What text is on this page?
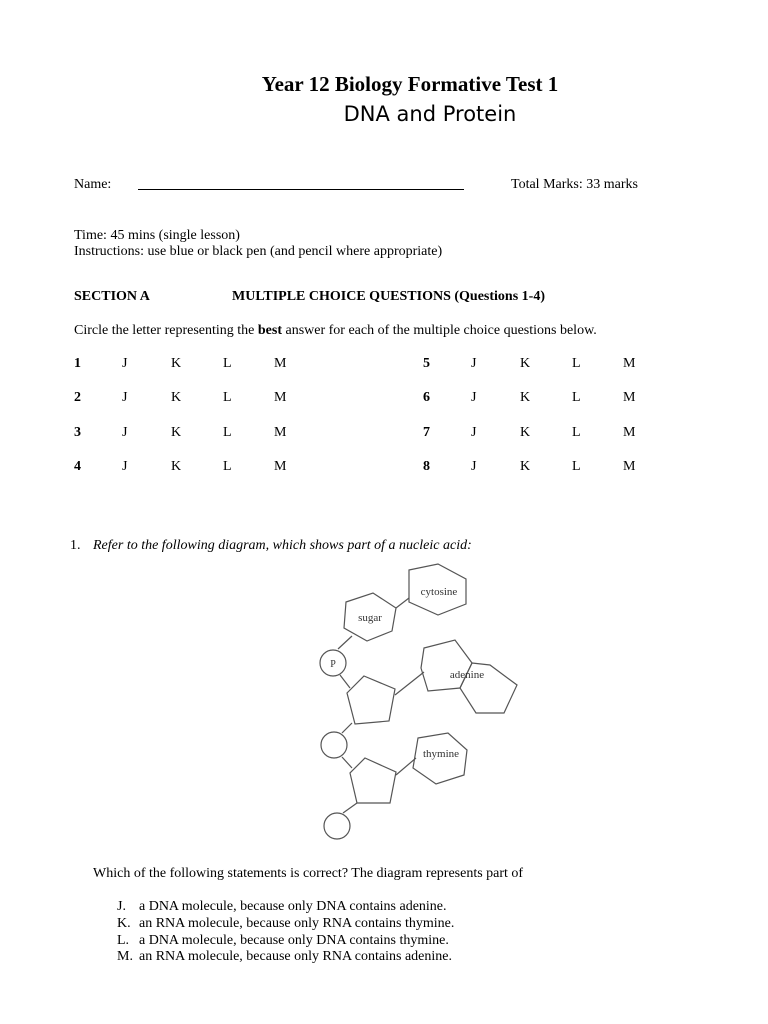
Year 12 Biology Formative Test 1
DNA and Protein
Name:	Total Marks: 33 marks
Time: 45 mins (single lesson)
Instructions: use blue or black pen (and pencil where appropriate)
SECTION A	MULTIPLE CHOICE QUESTIONS (Questions 1-4)
Circle the letter representing the best answer for each of the multiple choice questions below.
1	J	K	L	M
2	J	K	L	M
3	J	K	L	M
4	J	K	L	M
5	J	K	L	M
6	J	K	L	M
7	J	K	L	M
8	J	K	L	M
1. Refer to the following diagram, which shows part of a nucleic acid:
cytosine
sugar
P
adenine
thymine
Which of the following statements is correct? The diagram represents part of
J. a DNA molecule, because only DNA contains adenine.
K. an RNA molecule, because only RNA contains thymine.
L. a DNA molecule, because only DNA contains thymine.
M. an RNA molecule, because only RNA contains adenine.
